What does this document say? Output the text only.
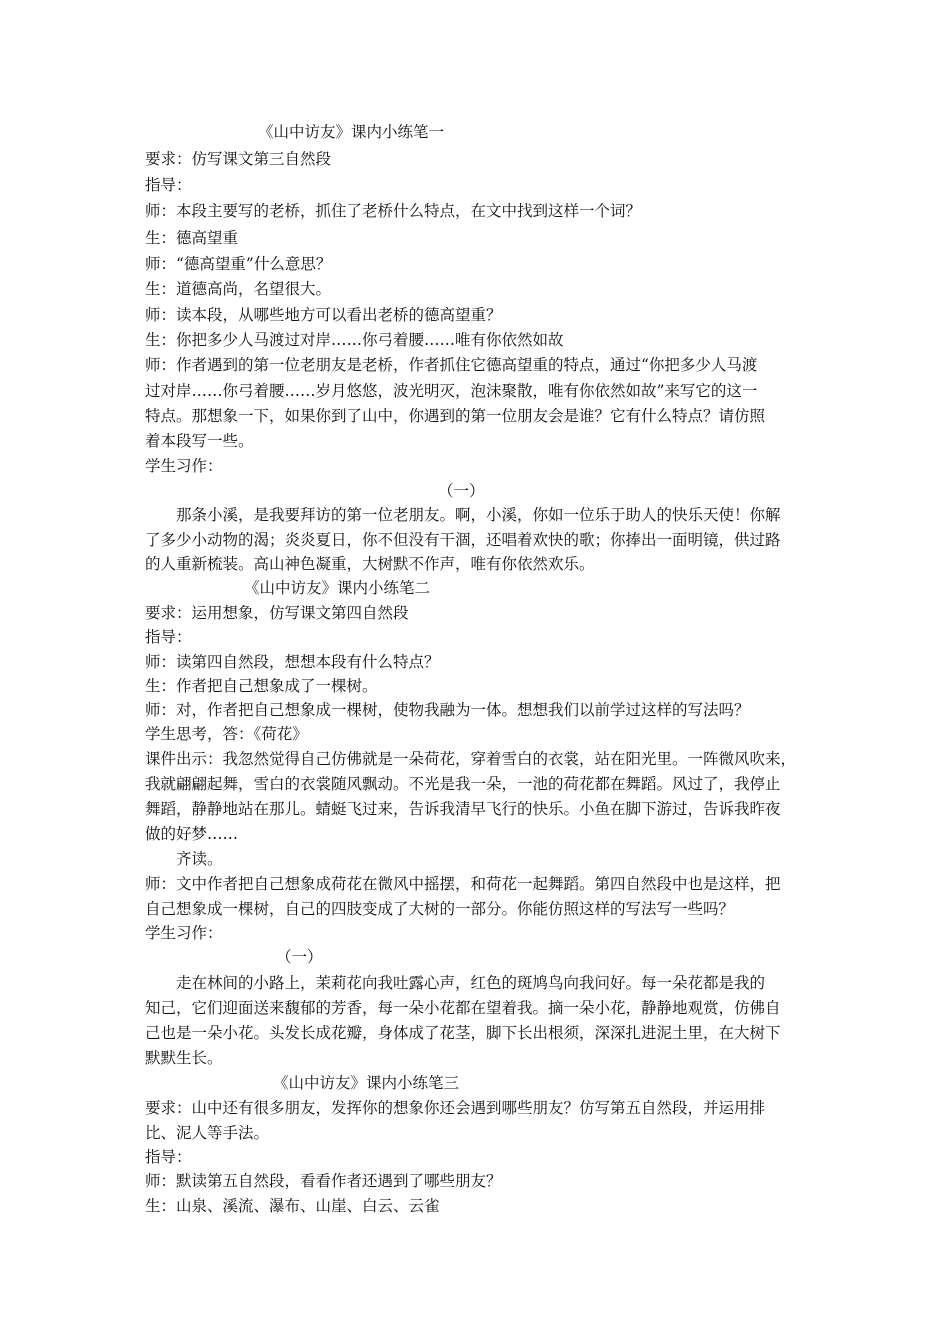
《山中访友》课内小练笔一
要求：仿写课文第三自然段
指导：
师：本段主要写的老桥，抓住了老桥什么特点，在文中找到这样一个词？
生：德高望重
师：“德高望重”什么意思？
生：道德高尚，名望很大。
师：读本段，从哪些地方可以看出老桥的德高望重？
生：你把多少人马渡过对岸……你弓着腰……唯有你依然如故
师：作者遇到的第一位老朋友是老桥，作者抓住它德高望重的特点，通过“你把多少人马渡
过对岸……你弓着腰……岁月悠悠，波光明灭，泡沫聚散，唯有你依然如故”来写它的这一
特点。那想象一下，如果你到了山中，你遇到的第一位朋友会是谁？它有什么特点？请仿照
着本段写一些。
学生习作：
（一）
那条小溪，是我要拜访的第一位老朋友。啊，小溪，你如一位乐于助人的快乐天使！你解
了多少小动物的渴；炎炎夏日，你不但没有干涸，还唱着欢快的歌；你捧出一面明镜，供过路
的人重新梳装。高山神色凝重，大树默不作声，唯有你依然欢乐。
《山中访友》课内小练笔二
要求：运用想象，仿写课文第四自然段
指导：
师：读第四自然段，想想本段有什么特点？
生：作者把自己想象成了一棵树。
师：对，作者把自己想象成一棵树，使物我融为一体。想想我们以前学过这样的写法吗？
学生思考，答：《荷花》
课件出示：我忽然觉得自己仿佛就是一朵荷花，穿着雪白的衣裳，站在阳光里。一阵微风吹来，
我就翩翩起舞，雪白的衣裳随风飘动。不光是我一朵，一池的荷花都在舞蹈。风过了，我停止
舞蹈，静静地站在那儿。蜻蜓飞过来，告诉我清早飞行的快乐。小鱼在脚下游过，告诉我昨夜
做的好梦……
齐读。
师：文中作者把自己想象成荷花在微风中摇摆，和荷花一起舞蹈。第四自然段中也是这样，把
自己想象成一棵树，自己的四肢变成了大树的一部分。你能仿照这样的写法写一些吗？
学生习作：
（一）
走在林间的小路上，茉莉花向我吐露心声，红色的斑鸠鸟向我问好。每一朵花都是我的
知己，它们迎面送来馥郁的芳香，每一朵小花都在望着我。摘一朵小花，静静地观赏，仿佛自
己也是一朵小花。头发长成花瓣，身体成了花茎，脚下长出根须，深深扎进泥土里，在大树下
默默生长。
《山中访友》课内小练笔三
要求：山中还有很多朋友，发挥你的想象你还会遇到哪些朋友？仿写第五自然段，并运用排
比、泥人等手法。
指导：
师：默读第五自然段，看看作者还遇到了哪些朋友？
生：山泉、溪流、瀑布、山崖、白云、云雀
